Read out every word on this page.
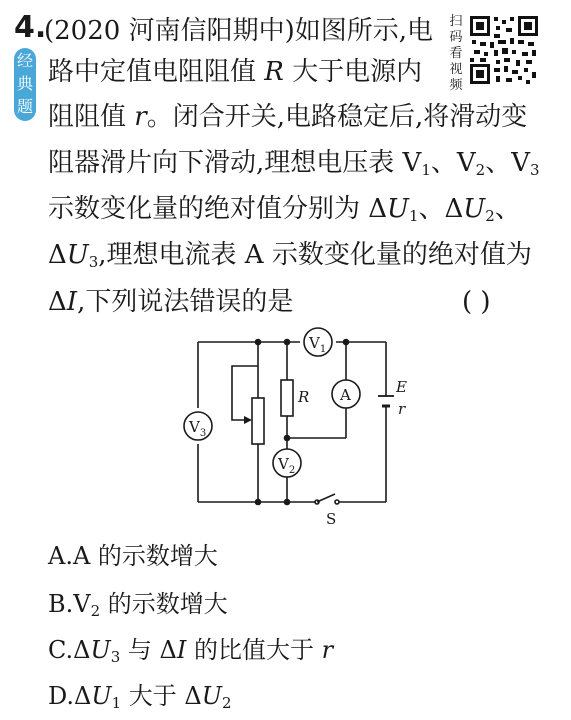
4.
经
典
题
扫
码
看
视
频
(2020 河南信阳期中)如图所示,电
路中定值电阻阻值 R 大于电源内
阻阻值 r。闭合开关,电路稳定后,将滑动变
阻器滑片向下滑动,理想电压表 $V_1$、$V_2$、$V_3$
示数变化量的绝对值分别为 $\Delta U_1$、$\Delta U_2$、
$\Delta U_3$,理想电流表 A 示数变化量的绝对值为
ΔI,下列说法错误的是	( )
$V_1$
$V_3$
$V_2$
A
R
E
r
S
A.A 的示数增大
$B.V_2$ 的示数增大
$C.\Delta U_3$ 与 ΔI 的比值大于 r
$D.\Delta U_1$ 大于 $\Delta U_2$
